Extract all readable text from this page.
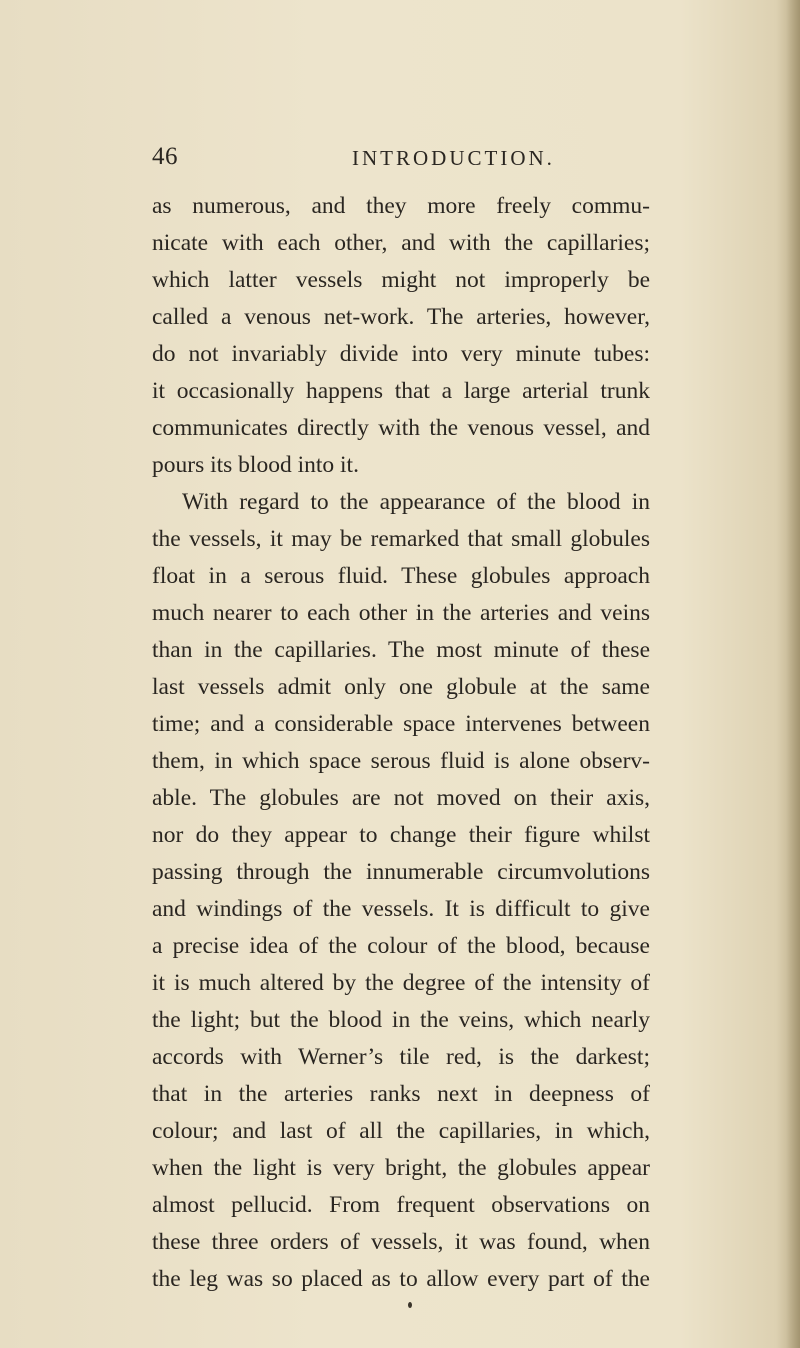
46	INTRODUCTION.
as numerous, and they more freely commu-
nicate with each other, and with the capillaries;
which latter vessels might not improperly be
called a venous net-work. The arteries, however,
do not invariably divide into very minute tubes:
it occasionally happens that a large arterial trunk
communicates directly with the venous vessel, and
pours its blood into it.
With regard to the appearance of the blood in
the vessels, it may be remarked that small globules
float in a serous fluid. These globules approach
much nearer to each other in the arteries and veins
than in the capillaries. The most minute of these
last vessels admit only one globule at the same
time; and a considerable space intervenes between
them, in which space serous fluid is alone observ-
able. The globules are not moved on their axis,
nor do they appear to change their figure whilst
passing through the innumerable circumvolutions
and windings of the vessels. It is difficult to give
a precise idea of the colour of the blood, because
it is much altered by the degree of the intensity of
the light; but the blood in the veins, which nearly
accords with Werner’s tile red, is the darkest;
that in the arteries ranks next in deepness of
colour; and last of all the capillaries, in which,
when the light is very bright, the globules appear
almost pellucid. From frequent observations on
these three orders of vessels, it was found, when
the leg was so placed as to allow every part of the
